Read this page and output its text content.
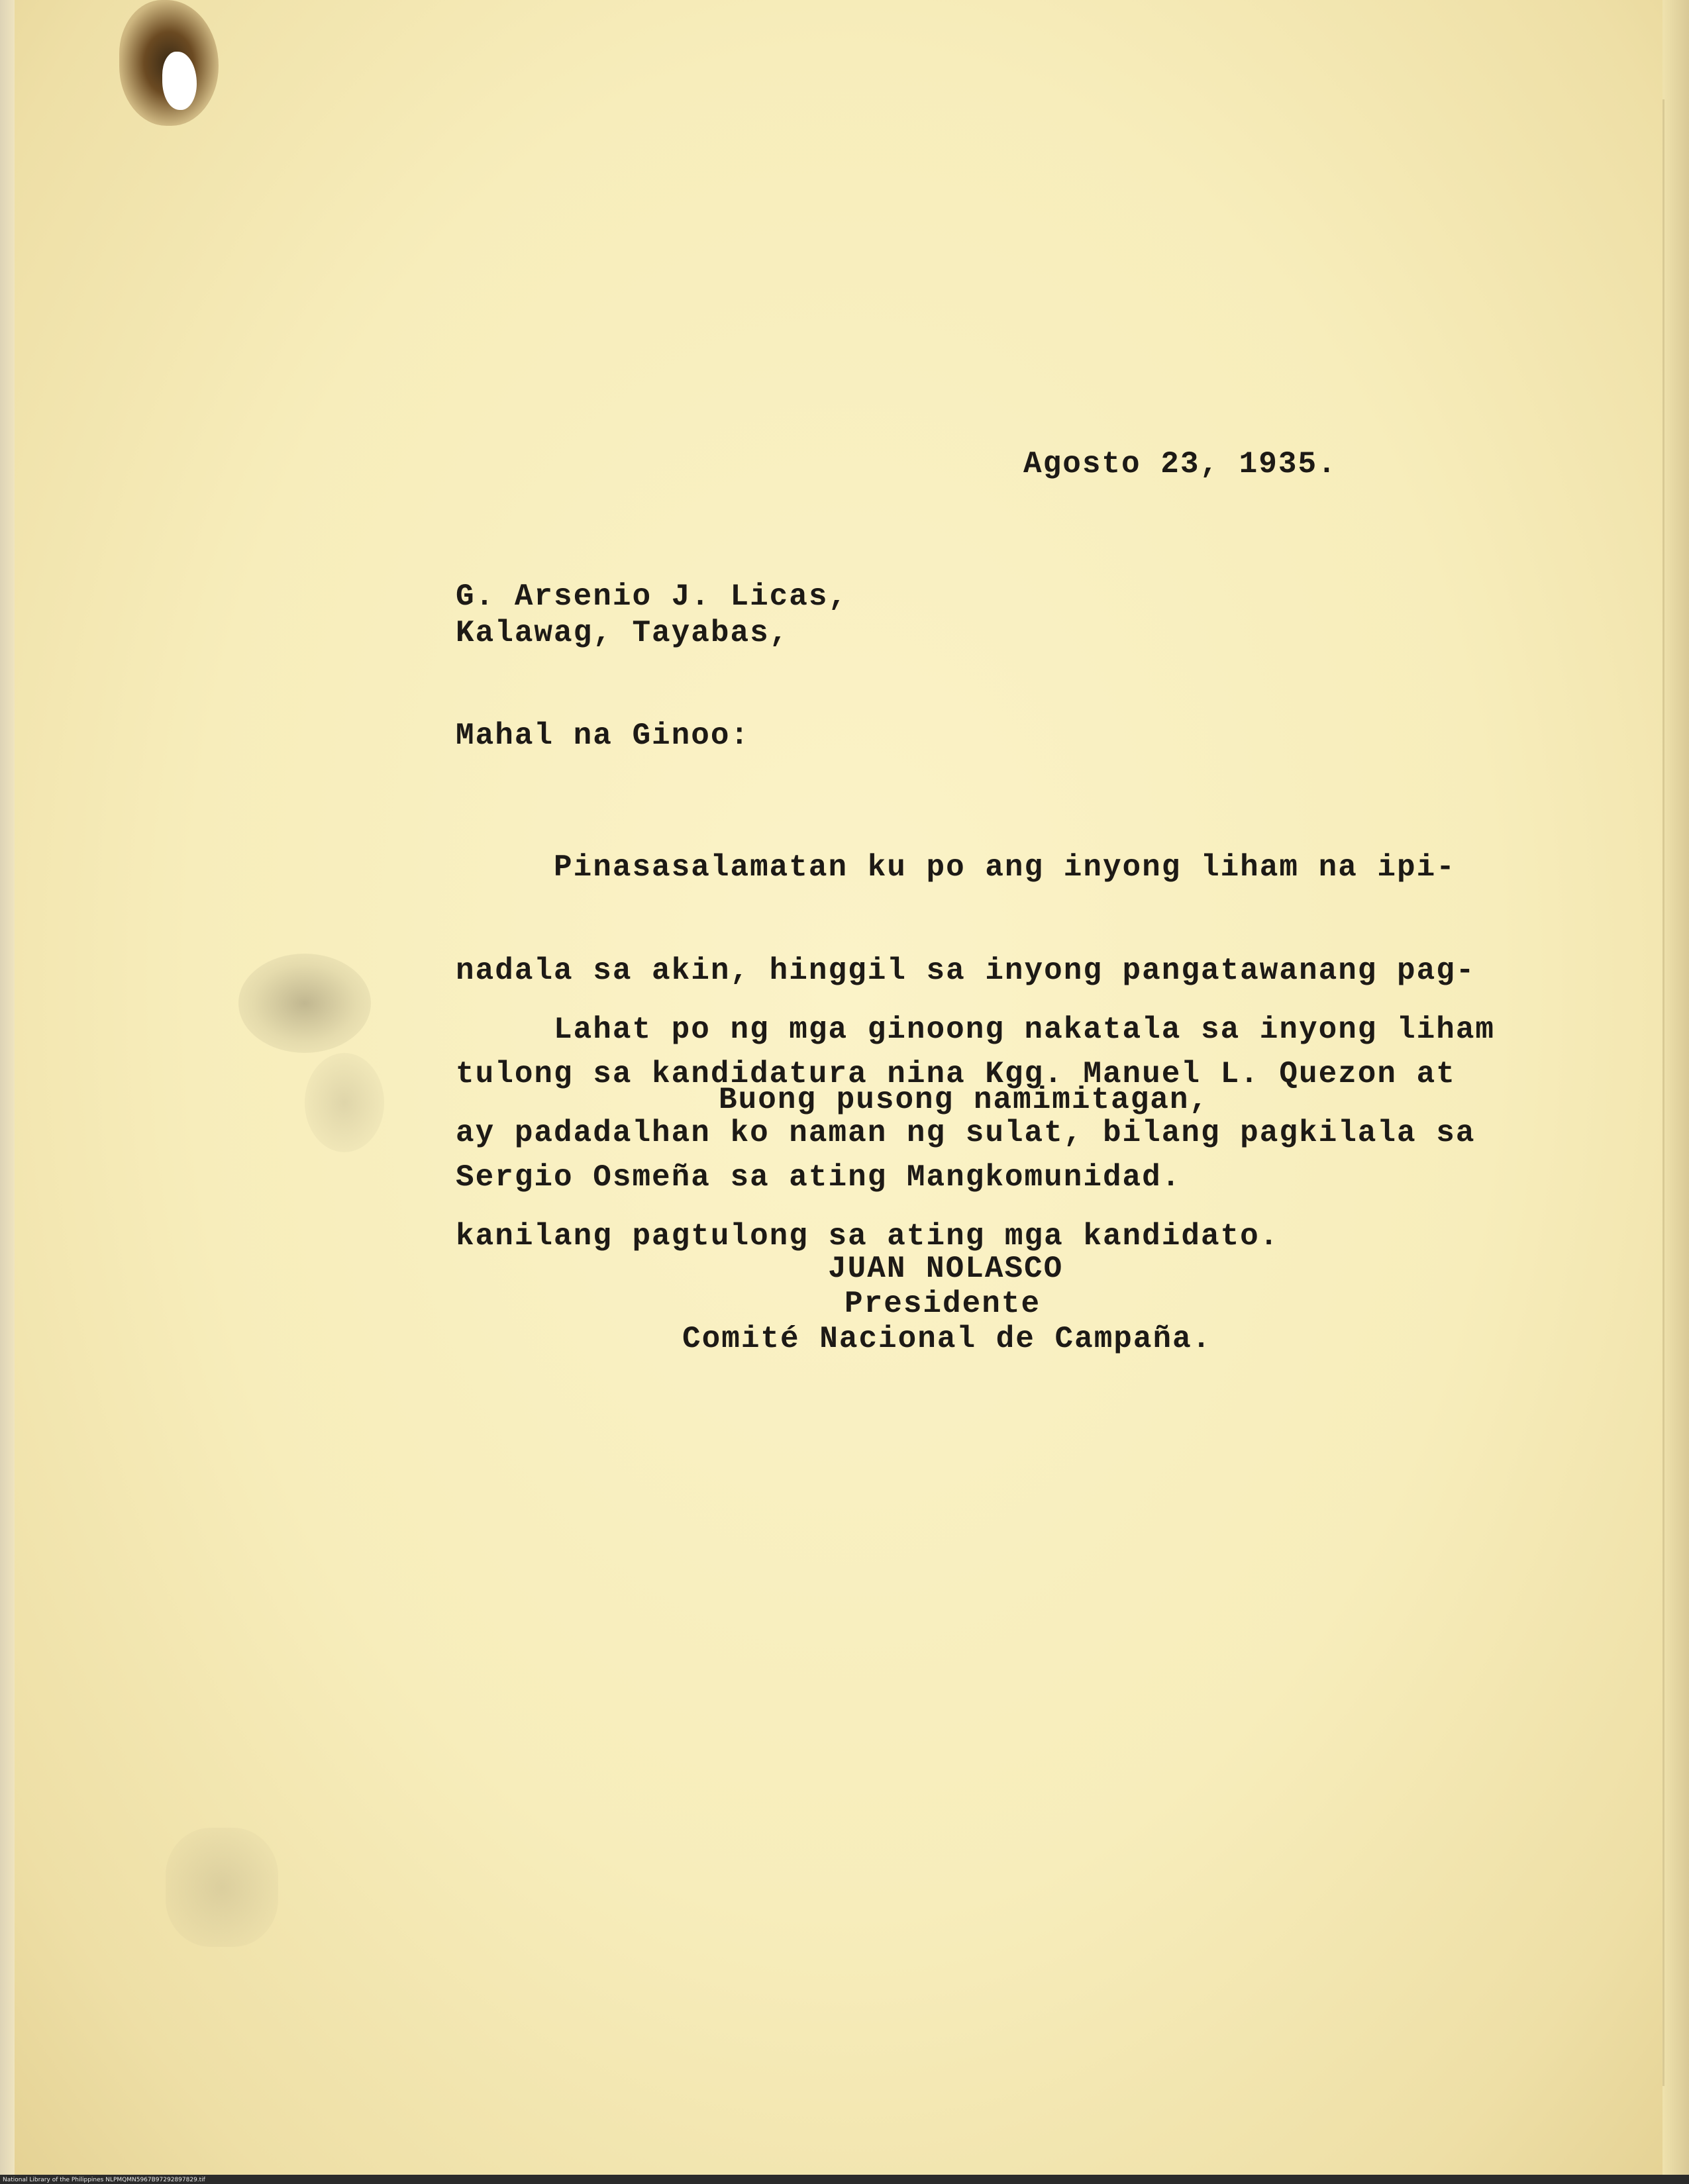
Agosto 23, 1935.
G. Arsenio J. Licas,
Kalawag, Tayabas,
Mahal na Ginoo:

Pinasasalamatan ku po ang inyong liham na ipi-

nadala sa akin, hinggil sa inyong pangatawanang pag-

tulong sa kandidatura nina Kgg. Manuel L. Quezon at

Sergio Osmeña sa ating Mangkomunidad.

Lahat po ng mga ginoong nakatala sa inyong liham

ay padadalhan ko naman ng sulat, bilang pagkilala sa

kanilang pagtulong sa ating mga kandidato.

Buong pusong namimitagan,
JUAN NOLASCO
Presidente
Comité Nacional de Campaña.
National Library of the Philippines NLPMQMN5967B97292897829.tif
